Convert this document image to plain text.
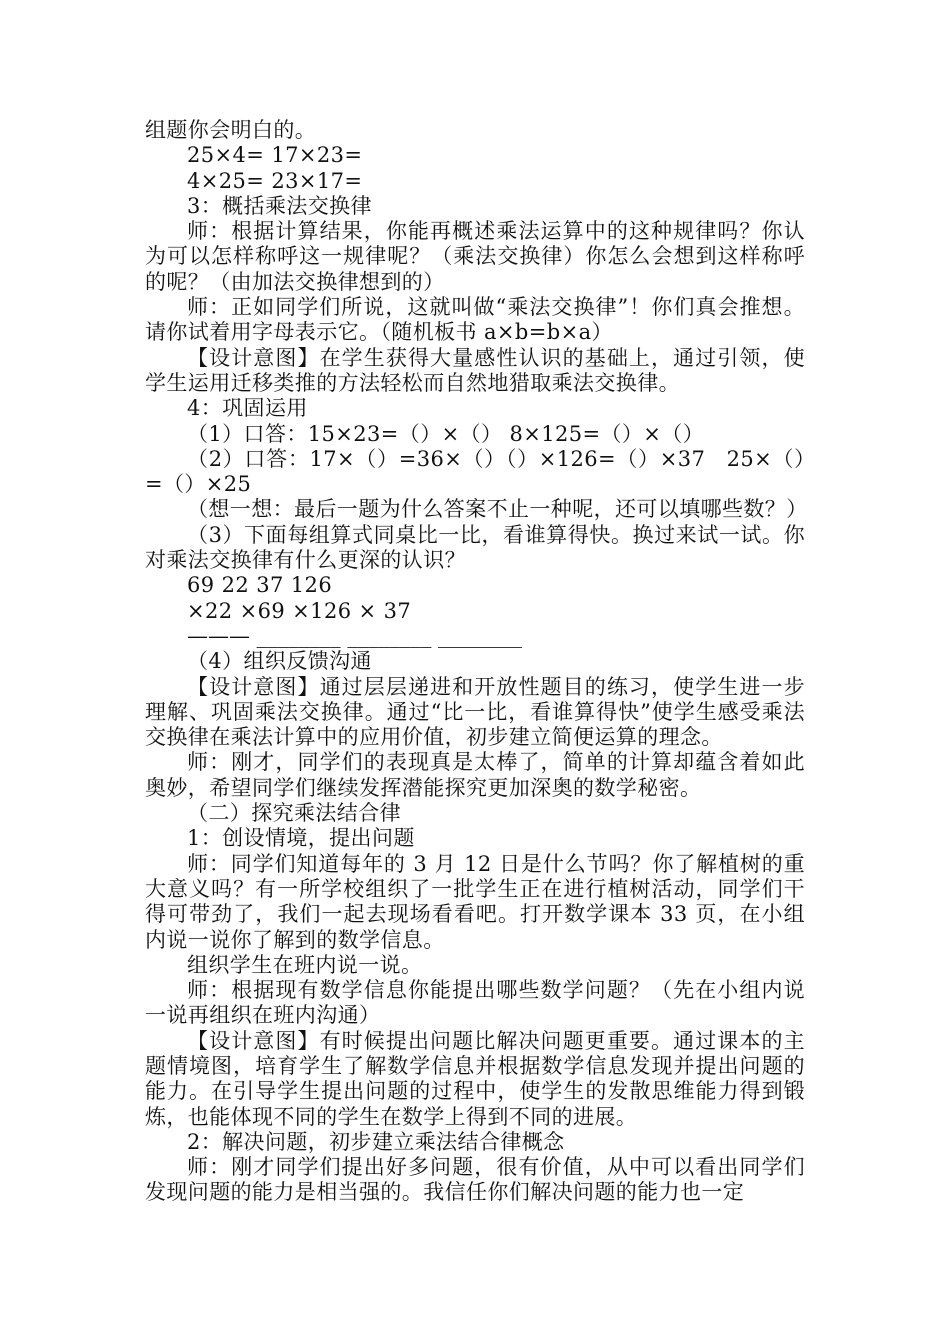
组题你会明白的。

25×4= 17×23=

4×25= 23×17=

3：概括乘法交换律

师：根据计算结果，你能再概述乘法运算中的这种规律吗？你认为可以怎样称呼这一规律呢？（乘法交换律）你怎么会想到这样称呼的呢？（由加法交换律想到的）

师：正如同学们所说，这就叫做“乘法交换律”！你们真会推想。请你试着用字母表示它。（随机板书 a×b=b×a）

【设计意图】在学生获得大量感性认识的基础上，通过引领，使学生运用迁移类推的方法轻松而自然地猎取乘法交换律。

4：巩固运用

（1）口答：15×23=（）×（） 8×125=（）×（）

（2）口答：17×（）=36×（）（）×126=（）×37 25×（）=（）×25

（想一想：最后一题为什么答案不止一种呢，还可以填哪些数？）

（3）下面每组算式同桌比一比，看谁算得快。换过来试一试。你对乘法交换律有什么更深的认识？

69 22 37 126

×22 ×69 ×126 × 37

——— ________ ________ ________

（4）组织反馈沟通

【设计意图】通过层层递进和开放性题目的练习，使学生进一步理解、巩固乘法交换律。通过“比一比，看谁算得快”使学生感受乘法交换律在乘法计算中的应用价值，初步建立简便运算的理念。

师：刚才，同学们的表现真是太棒了，简单的计算却蕴含着如此奥妙，希望同学们继续发挥潜能探究更加深奥的数学秘密。

（二）探究乘法结合律

1：创设情境，提出问题

师：同学们知道每年的 3 月 12 日是什么节吗？你了解植树的重大意义吗？有一所学校组织了一批学生正在进行植树活动，同学们干得可带劲了，我们一起去现场看看吧。打开数学课本 33 页，在小组内说一说你了解到的数学信息。

组织学生在班内说一说。

师：根据现有数学信息你能提出哪些数学问题？（先在小组内说一说再组织在班内沟通）

【设计意图】有时候提出问题比解决问题更重要。通过课本的主题情境图，培育学生了解数学信息并根据数学信息发现并提出问题的能力。在引导学生提出问题的过程中，使学生的发散思维能力得到锻炼，也能体现不同的学生在数学上得到不同的进展。

2：解决问题，初步建立乘法结合律概念

师：刚才同学们提出好多问题，很有价值，从中可以看出同学们发现问题的能力是相当强的。我信任你们解决问题的能力也一定
